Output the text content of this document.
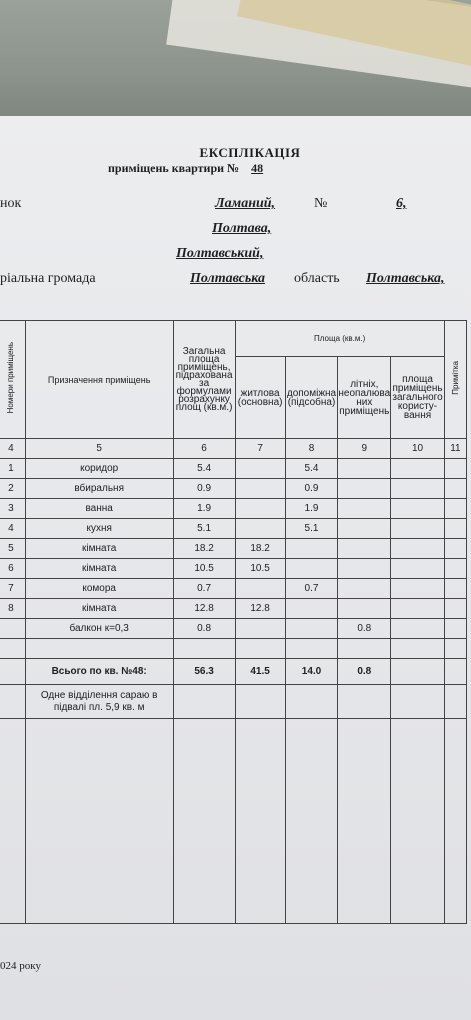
ЕКСПЛІКАЦІЯ
приміщень квартири № 48
нок	Ламаний,	№	6,
Полтава,
Полтавський,
ріальна громада	Полтавська область Полтавська,
Номери приміщень	Призначення приміщень	Загальна площа приміщень, підрахована за формулами розрахунку площ (кв.м.)	Площа (кв.м.)				Примітка
			житлова (основна)	допоміжна (підсобна)	літніх, неопалюва них приміщень	площа приміщень загального користу-вання	
4	5	6	7	8	9	10	11
1	коридор	5.4		5.4			
2	вбиральня	0.9		0.9			
3	ванна	1.9		1.9			
4	кухня	5.1		5.1			
5	кімната	18.2	18.2				
6	кімната	10.5	10.5				
7	комора	0.7		0.7			
8	кімната	12.8	12.8				
	балкон к=0,3	0.8			0.8		

	Всього по кв. №48:	56.3	41.5	14.0	0.8		
	Одне відділення сараю в підвалі пл. 5,9 кв. м						

024 року
